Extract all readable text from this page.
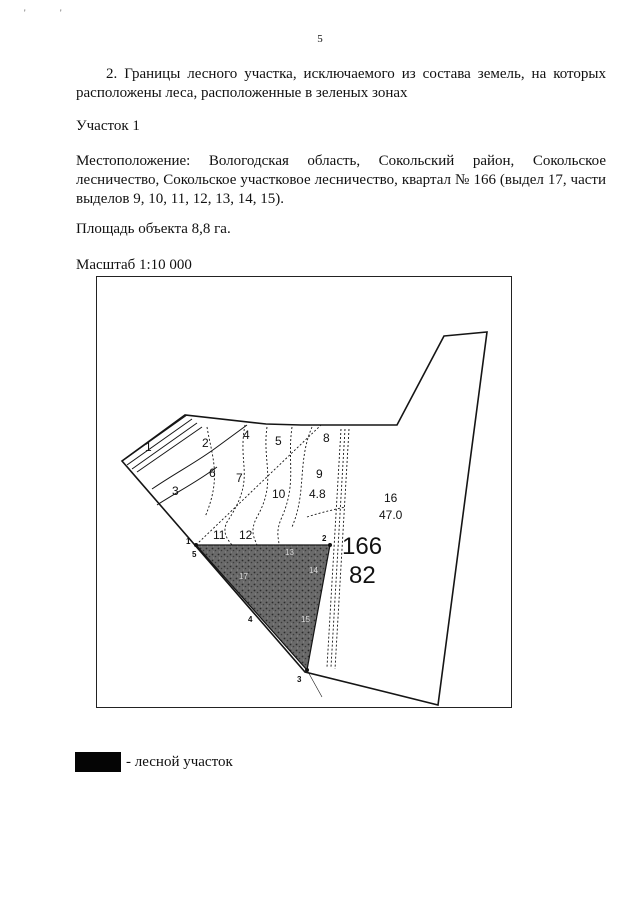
'	'
5
2. Границы лесного участка, исключаемого из состава земель, на которых расположены леса, расположенные в зеленых зонах
Участок 1
Местоположение: Вологодская область, Сокольский район, Сокольское лесничество, Сокольское участковое лесничество, квартал № 166 (выдел 17, части выделов 9, 10, 11, 12, 13, 14, 15).
Площадь объекта 8,8 га.
Масштаб 1:10 000
1	2
3
4 5
6 7
8
9
10
11 12
16
4.8
47.0
166
82
13
14
15
17
1
5
2
3
4
- лесной участок
